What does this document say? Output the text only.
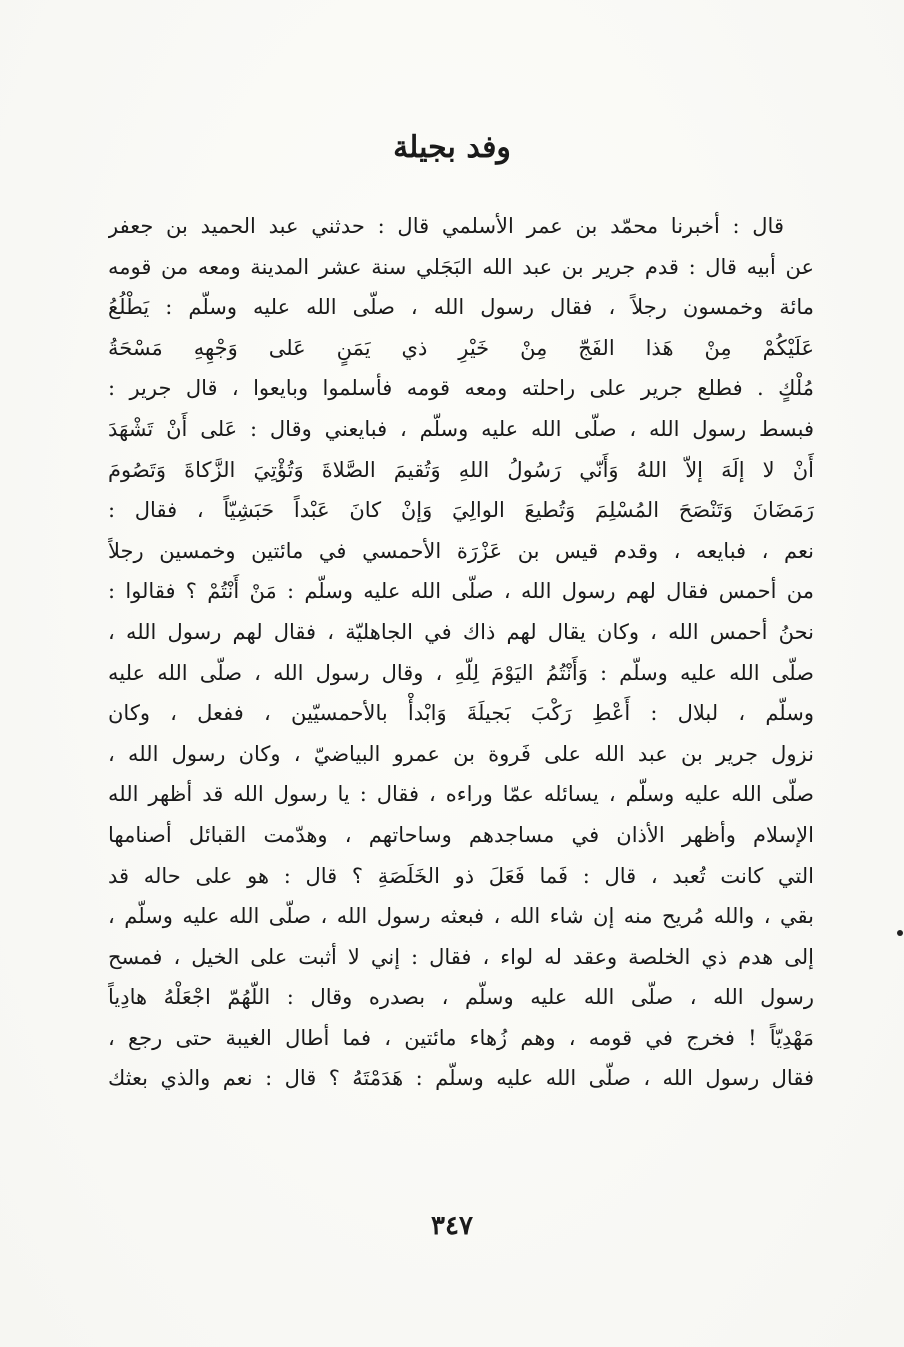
وفد بجيلة
قال : أخبرنا محمّد بن عمر الأسلمي قال : حدثني عبد الحميد بن جعفر
عن أبيه قال : قدم جرير بن عبد الله البَجَلي سنة عشر المدينة ومعه من قومه
مائة وخمسون رجلاً ، فقال رسول الله ، صلّى الله عليه وسلّم : يَطْلُعُ
عَلَيْكُمْ مِنْ هَذا الفَجّ مِنْ خَيْرِ ذي يَمَنٍ عَلى وَجْهِهِ مَسْحَةُ
مُلْكٍ . فطلع جرير على راحلته ومعه قومه فأسلموا وبايعوا ، قال جرير :
فبسط رسول الله ، صلّى الله عليه وسلّم ، فبايعني وقال : عَلى أَنْ تَشْهَدَ
أَنْ لا إلَهَ إلاّ اللهُ وَأَنّي رَسُولُ اللهِ وَتُقيمَ الصَّلاةَ وَتُؤْتِيَ الزَّكاةَ وَتَصُومَ
رَمَضَانَ وَتَنْصَحَ المُسْلِمَ وَتُطيعَ الوالِيَ وَإنْ كانَ عَبْداً حَبَشِيّاً ، فقال :
نعم ، فبايعه ، وقدم قيس بن عَزْرَة الأحمسي في مائتين وخمسين رجلاً
من أحمس فقال لهم رسول الله ، صلّى الله عليه وسلّم : مَنْ أَنْتُمْ ؟ فقالوا :
نحنُ أحمس الله ، وكان يقال لهم ذاك في الجاهليّة ، فقال لهم رسول الله ،
صلّى الله عليه وسلّم : وَأَنْتُمُ اليَوْمَ لِلّهِ ، وقال رسول الله ، صلّى الله عليه
وسلّم ، لبلال : أَعْطِ رَكْبَ بَجيلَةَ وَابْدأْ بالأحمسيّين ، ففعل ، وكان
نزول جرير بن عبد الله على فَروة بن عمرو البياضيّ ، وكان رسول الله ،
صلّى الله عليه وسلّم ، يسائله عمّا وراءه ، فقال : يا رسول الله قد أظهر الله
الإسلام وأظهر الأذان في مساجدهم وساحاتهم ، وهدّمت القبائل أصنامها
التي كانت تُعبد ، قال : فَما فَعَلَ ذو الخَلَصَةِ ؟ قال : هو على حاله قد
بقي ، والله مُريح منه إن شاء الله ، فبعثه رسول الله ، صلّى الله عليه وسلّم ،
إلى هدم ذي الخلصة وعقد له لواء ، فقال : إني لا أثبت على الخيل ، فمسح
رسول الله ، صلّى الله عليه وسلّم ، بصدره وقال : اللّهُمّ اجْعَلْهُ هادِياً
مَهْدِيّاً ! فخرج في قومه ، وهم زُهاء مائتين ، فما أطال الغيبة حتى رجع ،
فقال رسول الله ، صلّى الله عليه وسلّم : هَدَمْتَهُ ؟ قال : نعم والذي بعثك
٣٤٧
